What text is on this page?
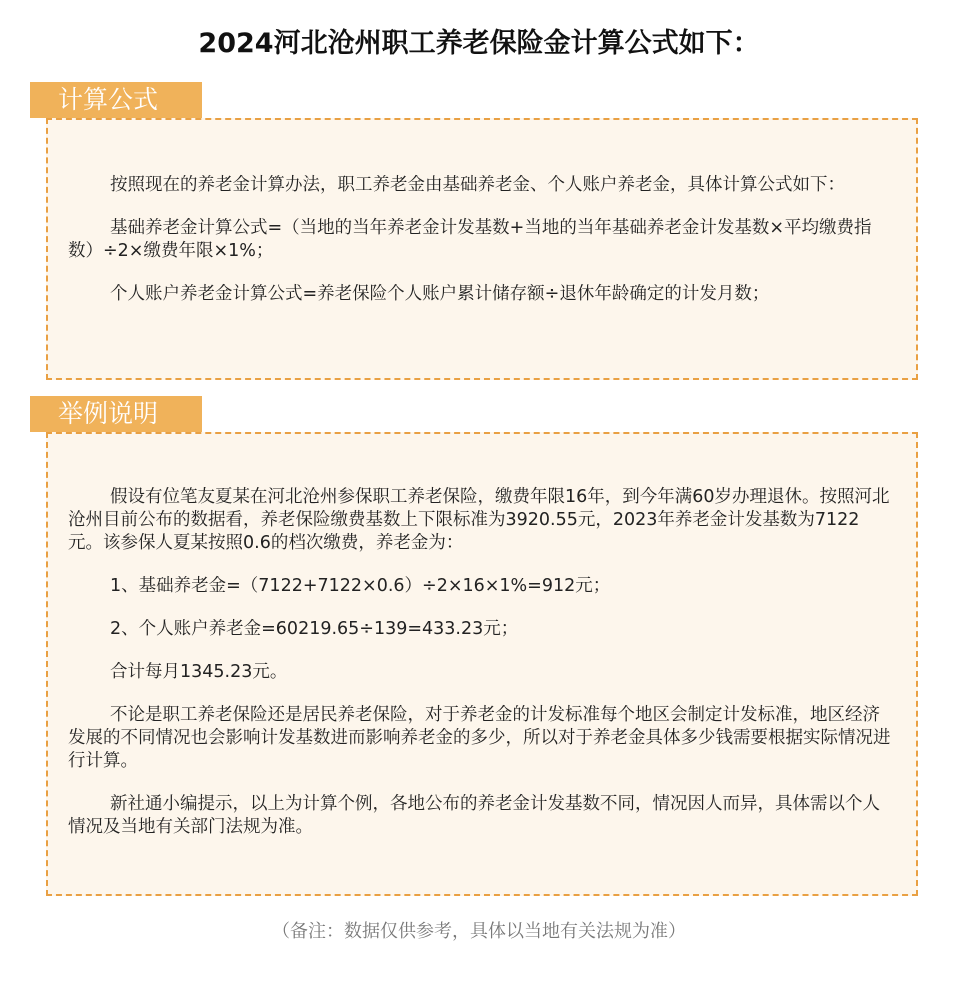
2024河北沧州职工养老保险金计算公式如下：
计算公式

按照现在的养老金计算办法，职工养老金由基础养老金、个人账户养老金，具体计算公式如下：

基础养老金计算公式=（当地的当年养老金计发基数+当地的当年基础养老金计发基数×平均缴费指数）÷2×缴费年限×1%；

个人账户养老金计算公式=养老保险个人账户累计储存额÷退休年龄确定的计发月数；

举例说明

假设有位笔友夏某在河北沧州参保职工养老保险，缴费年限16年，到今年满60岁办理退休。按照河北沧州目前公布的数据看，养老保险缴费基数上下限标准为3920.55元，2023年养老金计发基数为7122元。该参保人夏某按照0.6的档次缴费，养老金为：

1、基础养老金=（7122+7122×0.6）÷2×16×1%=912元；

2、个人账户养老金=60219.65÷139=433.23元；

合计每月1345.23元。

不论是职工养老保险还是居民养老保险，对于养老金的计发标准每个地区会制定计发标准，地区经济发展的不同情况也会影响计发基数进而影响养老金的多少，所以对于养老金具体多少钱需要根据实际情况进行计算。

新社通小编提示，以上为计算个例，各地公布的养老金计发基数不同，情况因人而异，具体需以个人情况及当地有关部门法规为准。

（备注：数据仅供参考，具体以当地有关法规为准）
